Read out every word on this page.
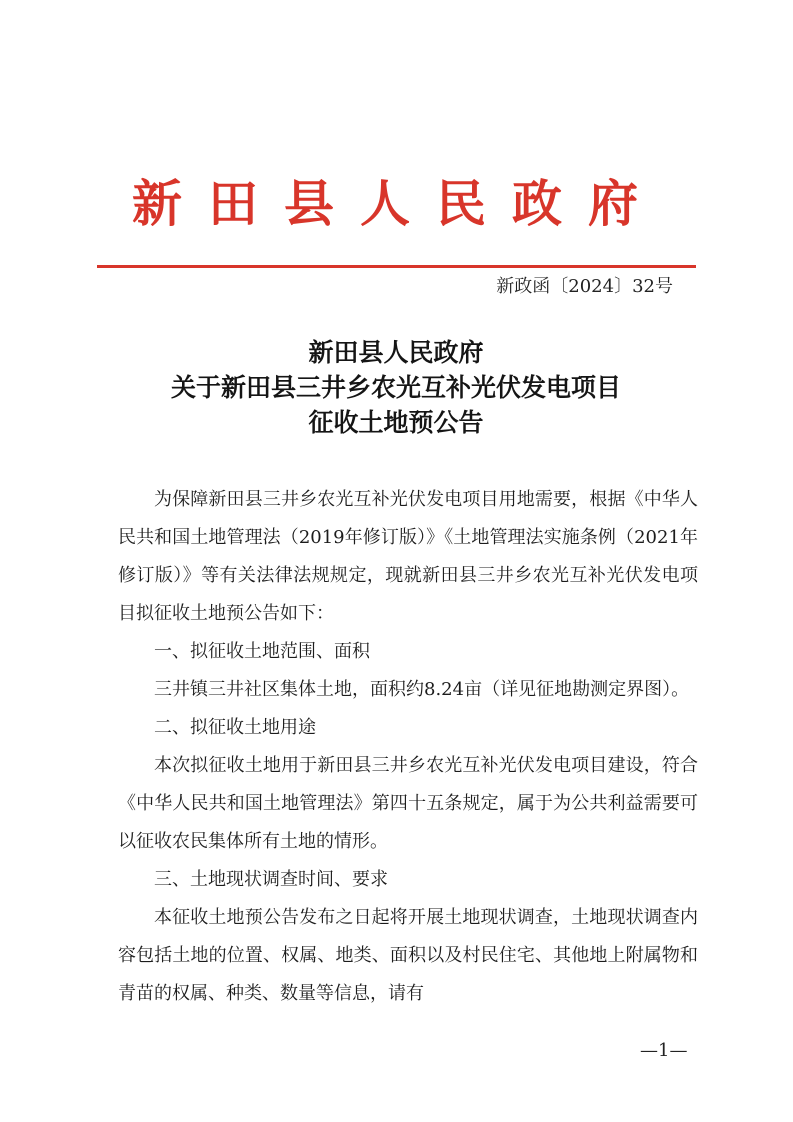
新田县人民政府
新政函〔2024〕32号
新田县人民政府
关于新田县三井乡农光互补光伏发电项目
征收土地预公告

为保障新田县三井乡农光互补光伏发电项目用地需要，根据《中华人民共和国土地管理法（2019年修订版）》《土地管理法实施条例（2021年修订版）》等有关法律法规规定，现就新田县三井乡农光互补光伏发电项目拟征收土地预公告如下：

一、拟征收土地范围、面积

三井镇三井社区集体土地，面积约8.24亩（详见征地勘测定界图）。

二、拟征收土地用途

本次拟征收土地用于新田县三井乡农光互补光伏发电项目建设，符合《中华人民共和国土地管理法》第四十五条规定，属于为公共利益需要可以征收农民集体所有土地的情形。

三、土地现状调查时间、要求

本征收土地预公告发布之日起将开展土地现状调查，土地现状调查内容包括土地的位置、权属、地类、面积以及村民住宅、其他地上附属物和青苗的权属、种类、数量等信息，请有

—1—
